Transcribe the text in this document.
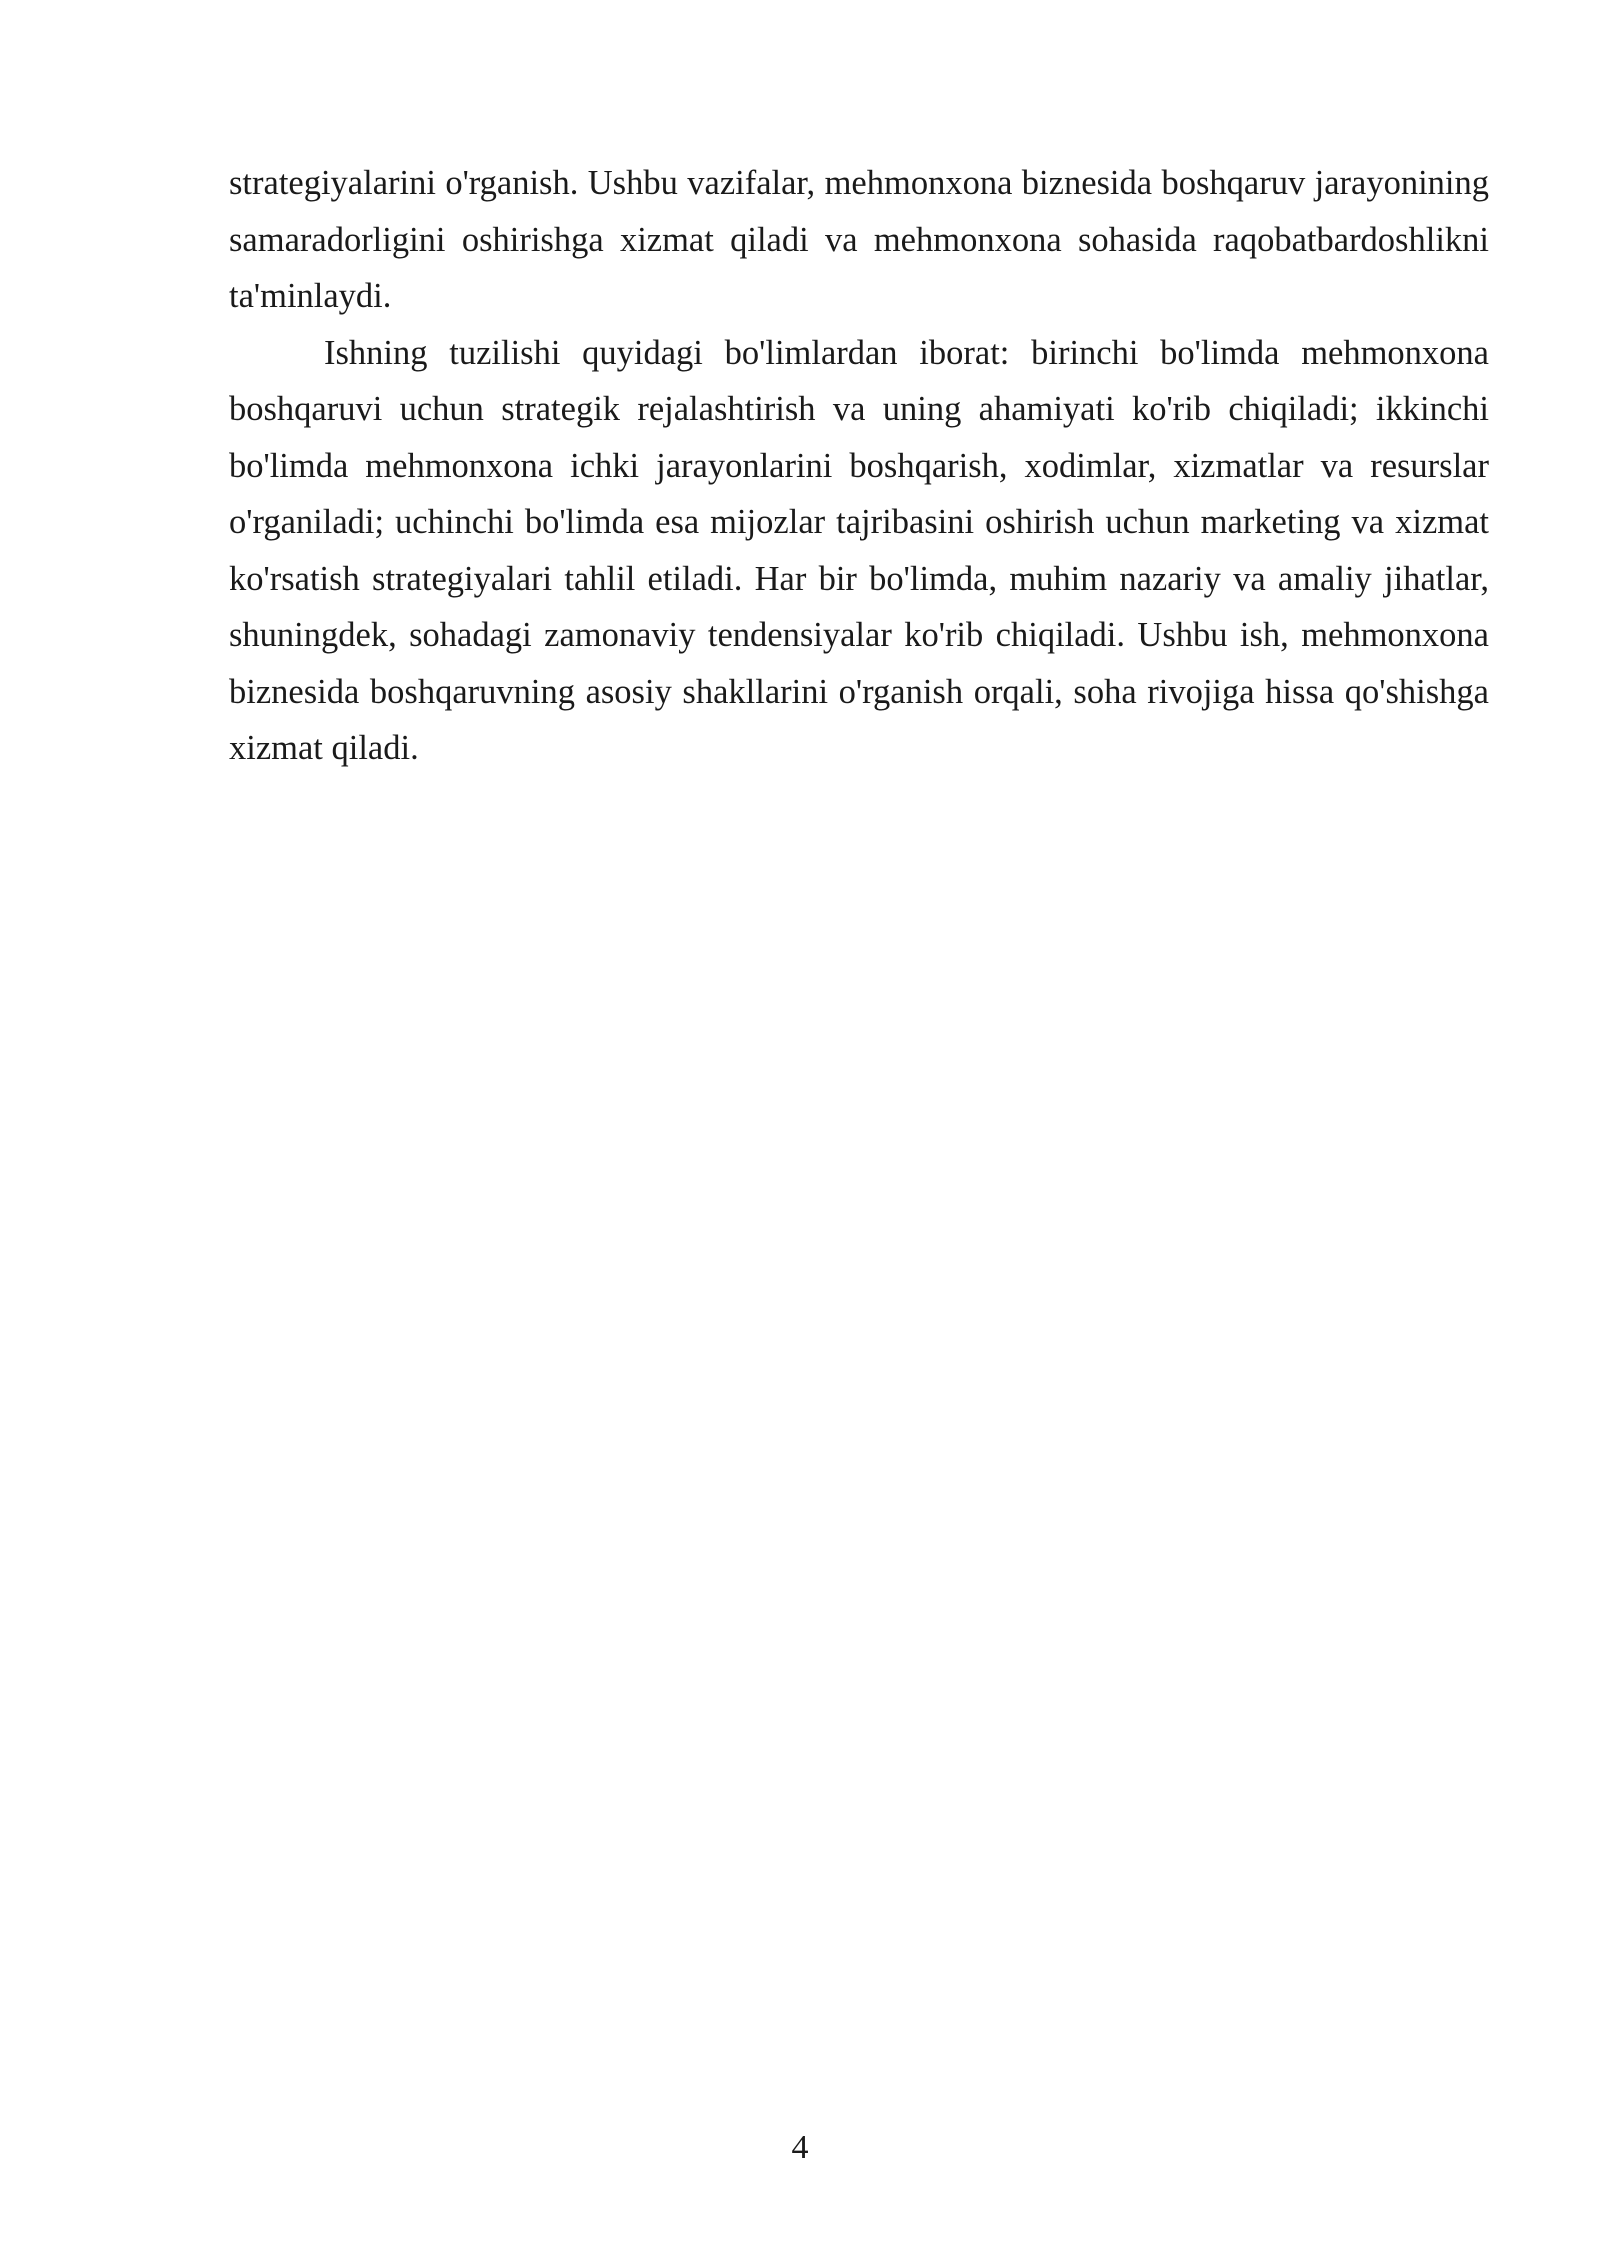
strategiyalarini o'rganish. Ushbu vazifalar, mehmonxona biznesida boshqaruv jarayonining samaradorligini oshirishga xizmat qiladi va mehmonxona sohasida raqobatbardoshlikni ta'minlaydi.

Ishning tuzilishi quyidagi bo'limlardan iborat: birinchi bo'limda mehmonxona boshqaruvi uchun strategik rejalashtirish va uning ahamiyati ko'rib chiqiladi; ikkinchi bo'limda mehmonxona ichki jarayonlarini boshqarish, xodimlar, xizmatlar va resurslar o'rganiladi; uchinchi bo'limda esa mijozlar tajribasini oshirish uchun marketing va xizmat ko'rsatish strategiyalari tahlil etiladi. Har bir bo'limda, muhim nazariy va amaliy jihatlar, shuningdek, sohadagi zamonaviy tendensiyalar ko'rib chiqiladi. Ushbu ish, mehmonxona biznesida boshqaruvning asosiy shakllarini o'rganish orqali, soha rivojiga hissa qo'shishga xizmat qiladi.

4
